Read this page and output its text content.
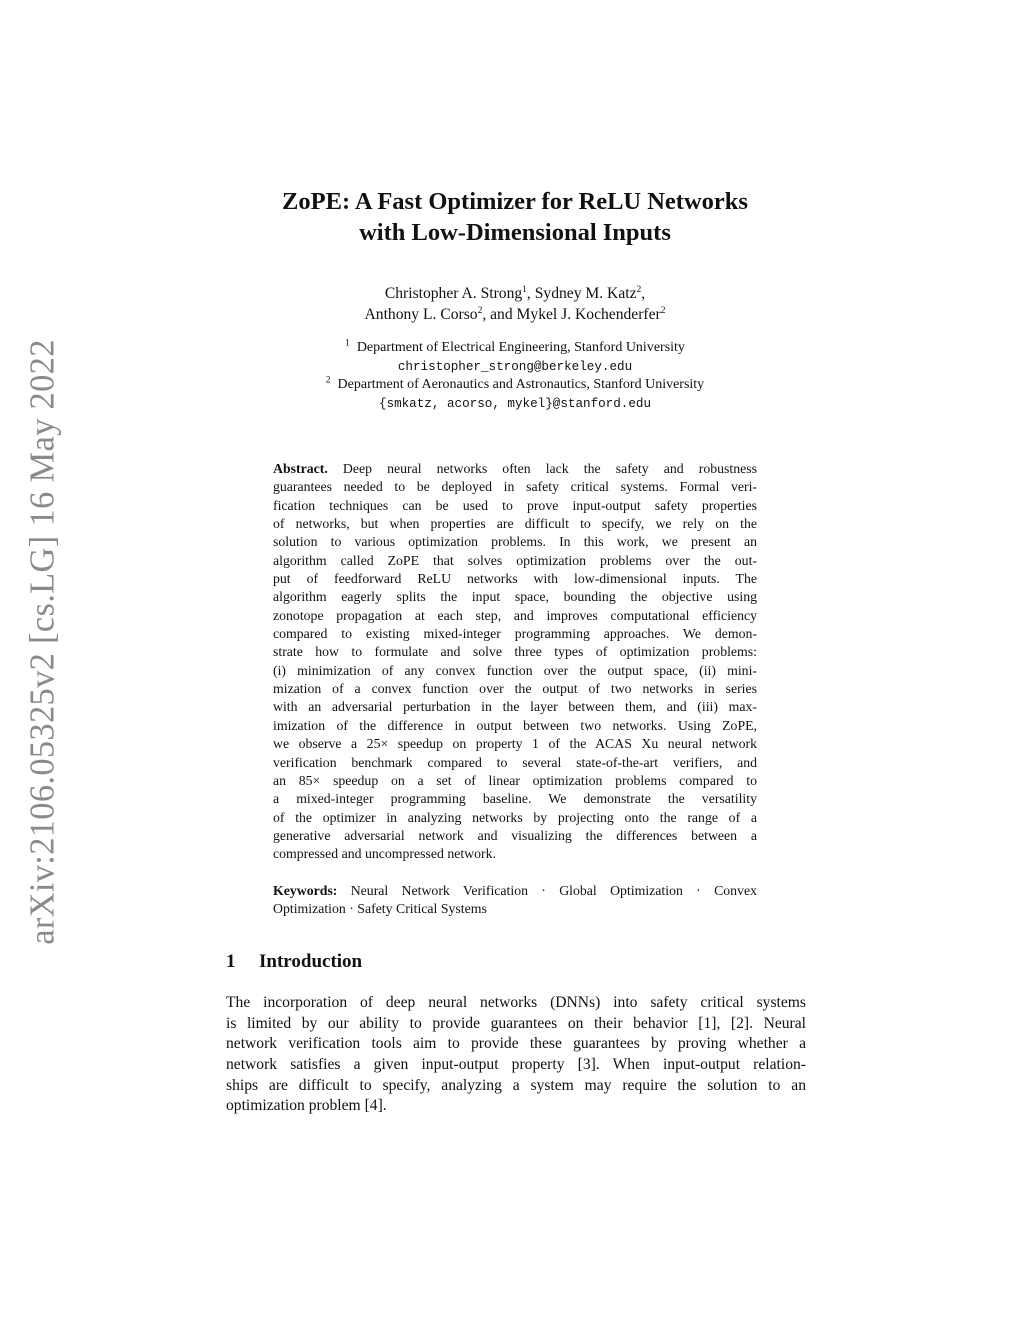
arXiv:2106.05325v2 [cs.LG] 16 May 2022
ZoPE: A Fast Optimizer for ReLU Networks
with Low-Dimensional Inputs
Christopher A. Strong$^1$, Sydney M. Katz$^2$,
Anthony L. Corso$^2$, and Mykel J. Kochenderfer$^2$
$^1$ Department of Electrical Engineering, Stanford University
christopher_strong@berkeley.edu
$^2$ Department of Aeronautics and Astronautics, Stanford University
{smkatz, acorso, mykel}@stanford.edu
Abstract. Deep neural networks often lack the safety and robustness
guarantees needed to be deployed in safety critical systems. Formal veri-
fication techniques can be used to prove input-output safety properties
of networks, but when properties are difficult to specify, we rely on the
solution to various optimization problems. In this work, we present an
algorithm called ZoPE that solves optimization problems over the out-
put of feedforward ReLU networks with low-dimensional inputs. The
algorithm eagerly splits the input space, bounding the objective using
zonotope propagation at each step, and improves computational efficiency
compared to existing mixed-integer programming approaches. We demon-
strate how to formulate and solve three types of optimization problems:
(i) minimization of any convex function over the output space, (ii) mini-
mization of a convex function over the output of two networks in series
with an adversarial perturbation in the layer between them, and (iii) max-
imization of the difference in output between two networks. Using ZoPE,
we observe a 25× speedup on property 1 of the ACAS Xu neural network
verification benchmark compared to several state-of-the-art verifiers, and
an 85× speedup on a set of linear optimization problems compared to
a mixed-integer programming baseline. We demonstrate the versatility
of the optimizer in analyzing networks by projecting onto the range of a
generative adversarial network and visualizing the differences between a
compressed and uncompressed network.
Keywords: Neural Network Verification · Global Optimization · Convex
Optimization · Safety Critical Systems
1 Introduction
The incorporation of deep neural networks (DNNs) into safety critical systems
is limited by our ability to provide guarantees on their behavior [1], [2]. Neural
network verification tools aim to provide these guarantees by proving whether a
network satisfies a given input-output property [3]. When input-output relation-
ships are difficult to specify, analyzing a system may require the solution to an
optimization problem [4].
